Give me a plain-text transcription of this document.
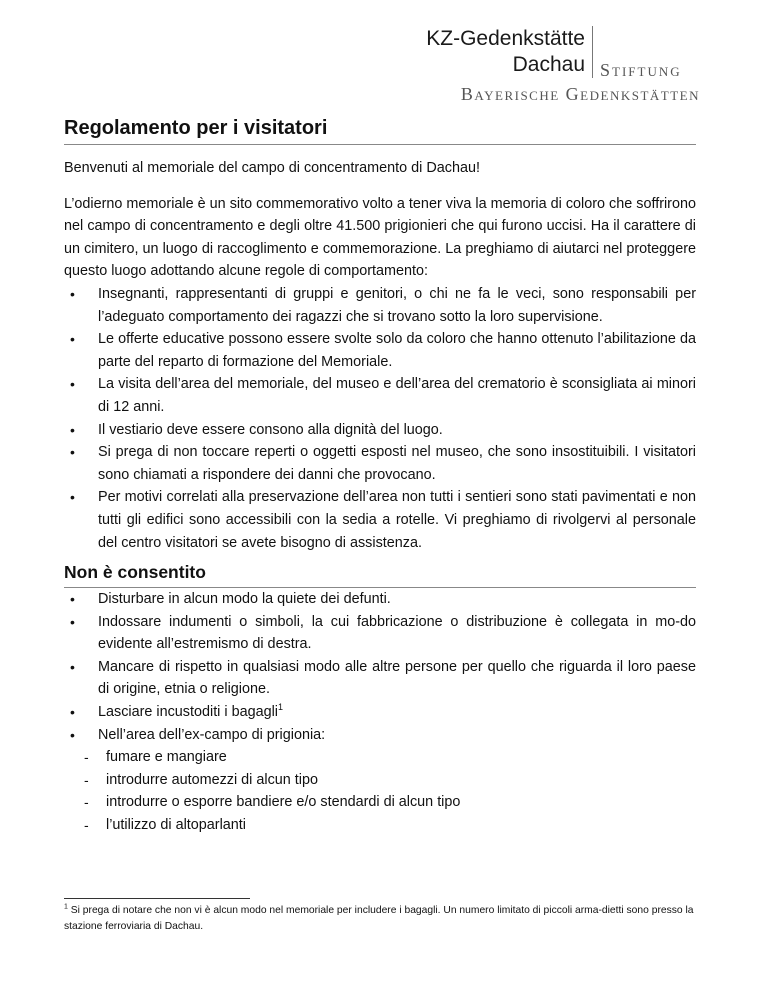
KZ-Gedenkstätte
Dachau Stiftung
Bayerische Gedenkstätten
Regolamento per i visitatori

Benvenuti al memoriale del campo di concentramento di Dachau!

L’odierno memoriale è un sito commemorativo volto a tener viva la memoria di coloro che soffrirono nel campo di concentramento e degli oltre 41.500 prigionieri che qui furono uccisi. Ha il carattere di un cimitero, un luogo di raccoglimento e commemorazione. La preghiamo di aiutarci nel proteggere questo luogo adottando alcune regole di comportamento:

• Insegnanti, rappresentanti di gruppi e genitori, o chi ne fa le veci, sono responsabili per l’adeguato comportamento dei ragazzi che si trovano sotto la loro supervisione.
• Le offerte educative possono essere svolte solo da coloro che hanno ottenuto l’abilitazione da parte del reparto di formazione del Memoriale.
• La visita dell’area del memoriale, del museo e dell’area del crematorio è sconsigliata ai minori di 12 anni.
• Il vestiario deve essere consono alla dignità del luogo.
• Si prega di non toccare reperti o oggetti esposti nel museo, che sono insostituibili. I visitatori sono chiamati a rispondere dei danni che provocano.
• Per motivi correlati alla preservazione dell’area non tutti i sentieri sono stati pavimentati e non tutti gli edifici sono accessibili con la sedia a rotelle. Vi preghiamo di rivolgervi al personale del centro visitatori se avete bisogno di assistenza.
Non è consentito
• Disturbare in alcun modo la quiete dei defunti.
• Indossare indumenti o simboli, la cui fabbricazione o distribuzione è collegata in mo-do evidente all’estremismo di destra.
• Mancare di rispetto in qualsiasi modo alle altre persone per quello che riguarda il loro paese di origine, etnia o religione.
• Lasciare incustoditi i bagagli$^1$
• Nell’area dell’ex-campo di prigionia:
- fumare e mangiare
- introdurre automezzi di alcun tipo
- introdurre o esporre bandiere e/o stendardi di alcun tipo
- l’utilizzo di altoparlanti
$^1$ Si prega di notare che non vi è alcun modo nel memoriale per includere i bagagli. Un numero limitato di piccoli arma-dietti sono presso la stazione ferroviaria di Dachau.
